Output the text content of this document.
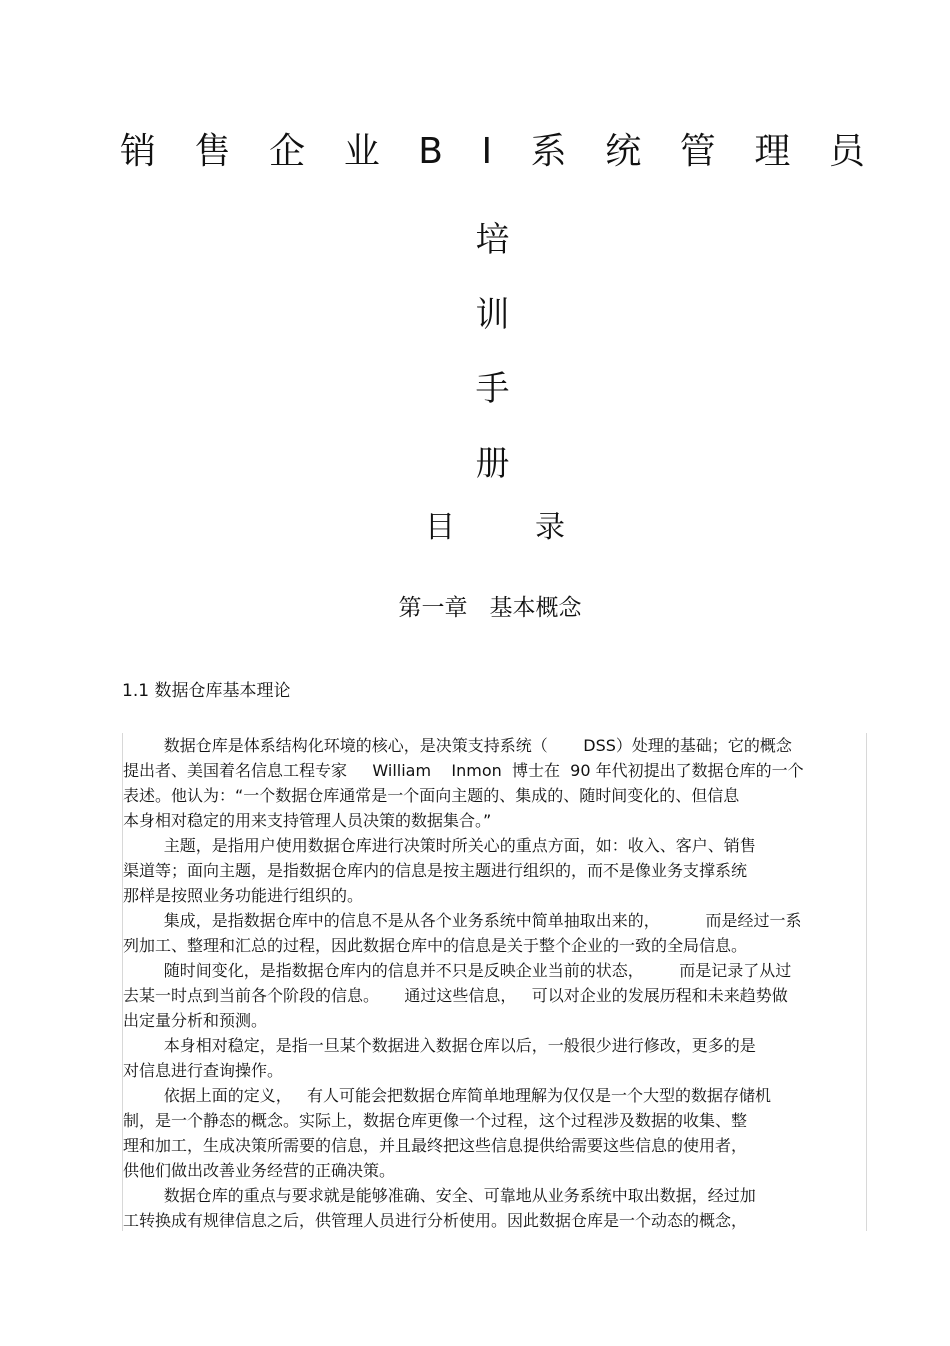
销 售 企 业 B I 系 统 管 理 员
培
训
手
册
目	录
第一章   基本概念
1.1 数据仓库基本理论

数据仓库是体系结构化环境的核心，是决策支持系统（       DSS）处理的基础；它的概念

提出者、美国着名信息工程专家     William    Inmon  博士在  90 年代初提出了数据仓库的一个

表述。他认为：“一个数据仓库通常是一个面向主题的、集成的、随时间变化的、但信息

本身相对稳定的用来支持管理人员决策的数据集合。”

主题，是指用户使用数据仓库进行决策时所关心的重点方面，如：收入、客户、销售

渠道等；面向主题，是指数据仓库内的信息是按主题进行组织的，而不是像业务支撑系统

那样是按照业务功能进行组织的。

集成，是指数据仓库中的信息不是从各个业务系统中简单抽取出来的，         而是经过一系

列加工、整理和汇总的过程，因此数据仓库中的信息是关于整个企业的一致的全局信息。

随时间变化，是指数据仓库内的信息并不只是反映企业当前的状态，       而是记录了从过

去某一时点到当前各个阶段的信息。     通过这些信息，   可以对企业的发展历程和未来趋势做

出定量分析和预测。

本身相对稳定，是指一旦某个数据进入数据仓库以后，一般很少进行修改，更多的是

对信息进行查询操作。

依据上面的定义，   有人可能会把数据仓库简单地理解为仅仅是一个大型的数据存储机

制，是一个静态的概念。实际上，数据仓库更像一个过程，这个过程涉及数据的收集、整

理和加工，生成决策所需要的信息，并且最终把这些信息提供给需要这些信息的使用者，

供他们做出改善业务经营的正确决策。

数据仓库的重点与要求就是能够准确、安全、可靠地从业务系统中取出数据，经过加

工转换成有规律信息之后，供管理人员进行分析使用。因此数据仓库是一个动态的概念，
